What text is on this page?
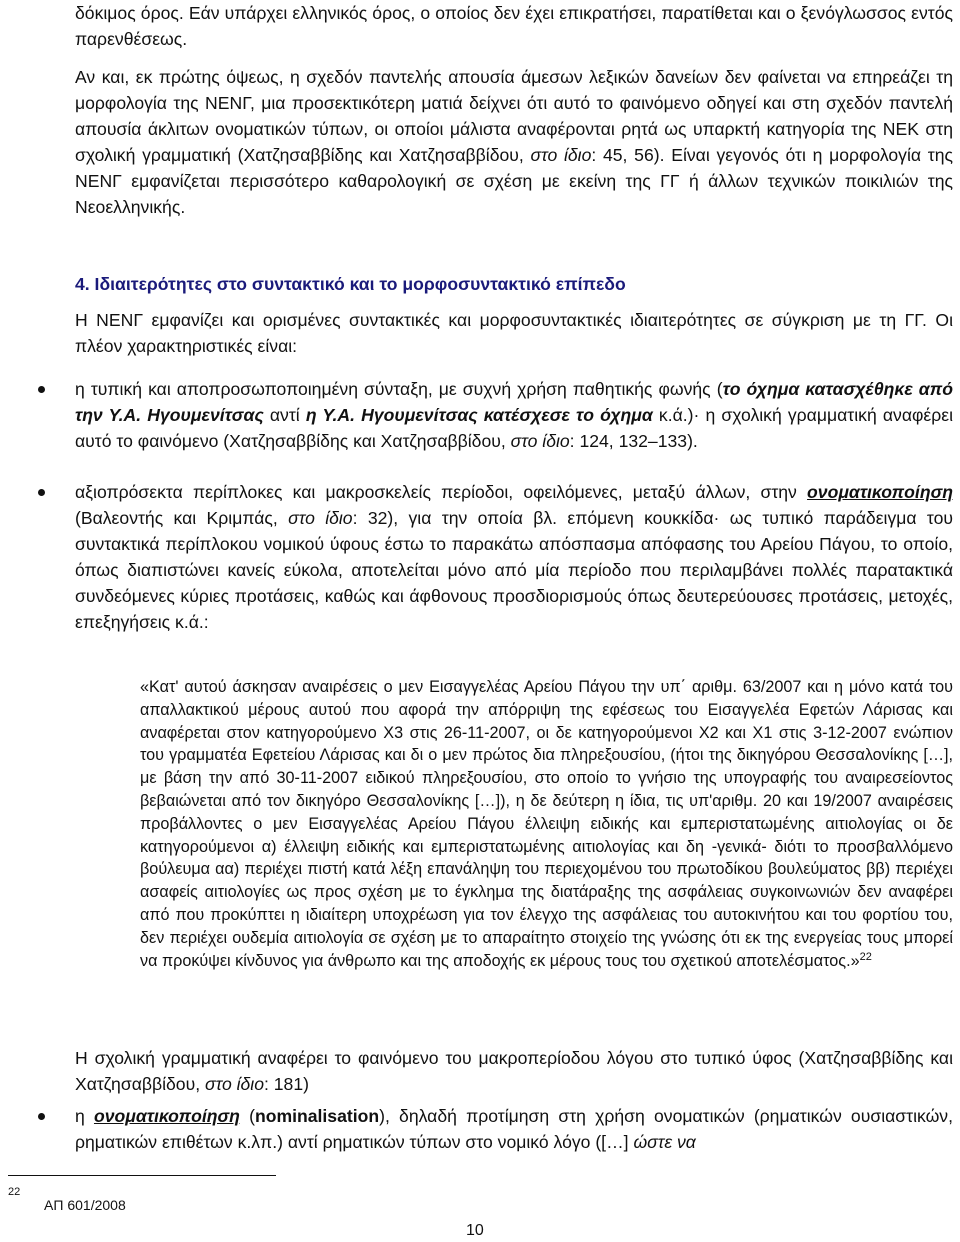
δόκιμος όρος. Εάν υπάρχει ελληνικός όρος, ο οποίος δεν έχει επικρατήσει, παρατίθεται και ο ξενόγλωσσος εντός παρενθέσεως.
Αν και, εκ πρώτης όψεως, η σχεδόν παντελής απουσία άμεσων λεξικών δανείων δεν φαίνεται να επηρεάζει τη μορφολογία της ΝΕΝΓ, μια προσεκτικότερη ματιά δείχνει ότι αυτό το φαινόμενο οδηγεί και στη σχεδόν παντελή απουσία άκλιτων ονοματικών τύπων, οι οποίοι μάλιστα αναφέρονται ρητά ως υπαρκτή κατηγορία της ΝΕΚ στη σχολική γραμματική (Χατζησαββίδης και Χατζησαββίδου, στο ίδιο: 45, 56). Είναι γεγονός ότι η μορφολογία της ΝΕΝΓ εμφανίζεται περισσότερο καθαρολογική σε σχέση με εκείνη της ΓΓ ή άλλων τεχνικών ποικιλιών της Νεοελληνικής.
4. Ιδιαιτερότητες στο συντακτικό και το μορφοσυντακτικό επίπεδο
Η ΝΕΝΓ εμφανίζει και ορισμένες συντακτικές και μορφοσυντακτικές ιδιαιτερότητες σε σύγκριση με τη ΓΓ. Οι πλέον χαρακτηριστικές είναι:
η τυπική και αποπροσωποποιημένη σύνταξη, με συχνή χρήση παθητικής φωνής (το όχημα κατασχέθηκε από την Υ.Α. Ηγουμενίτσας αντί η Υ.Α. Ηγουμενίτσας κατέσχεσε το όχημα κ.ά.)· η σχολική γραμματική αναφέρει αυτό το φαινόμενο (Χατζησαββίδης και Χατζησαββίδου, στο ίδιο: 124, 132–133).
αξιοπρόσεκτα περίπλοκες και μακροσκελείς περίοδοι, οφειλόμενες, μεταξύ άλλων, στην ονοματικοποίηση (Βαλεοντής και Κριμπάς, στο ίδιο: 32), για την οποία βλ. επόμενη κουκκίδα· ως τυπικό παράδειγμα του συντακτικά περίπλοκου νομικού ύφους έστω το παρακάτω απόσπασμα απόφασης του Αρείου Πάγου, το οποίο, όπως διαπιστώνει κανείς εύκολα, αποτελείται μόνο από μία περίοδο που περιλαμβάνει πολλές παρατακτικά συνδεόμενες κύριες προτάσεις, καθώς και άφθονους προσδιορισμούς όπως δευτερεύουσες προτάσεις, μετοχές, επεξηγήσεις κ.ά.:
«Κατ' αυτού άσκησαν αναιρέσεις ο μεν Εισαγγελέας Αρείου Πάγου την υπ΄ αριθμ. 63/2007 και η μόνο κατά του απαλλακτικού μέρους αυτού που αφορά την απόρριψη της εφέσεως του Εισαγγελέα Εφετών Λάρισας και αναφέρεται στον κατηγορούμενο Χ3 στις 26-11-2007, οι δε κατηγορούμενοι Χ2 και Χ1 στις 3-12-2007 ενώπιον του γραμματέα Εφετείου Λάρισας και δι ο μεν πρώτος δια πληρεξουσίου, (ήτοι της δικηγόρου Θεσσαλονίκης […], με βάση την από 30-11-2007 ειδικού πληρεξουσίου, στο οποίο το γνήσιο της υπογραφής του αναιρεσείοντος βεβαιώνεται από τον δικηγόρο Θεσσαλονίκης […]), η δε δεύτερη η ίδια, τις υπ'αριθμ. 20 και 19/2007 αναιρέσεις προβάλλοντες ο μεν Εισαγγελέας Αρείου Πάγου έλλειψη ειδικής και εμπεριστατωμένης αιτιολογίας οι δε κατηγορούμενοι α) έλλειψη ειδικής και εμπεριστατωμένης αιτιολογίας και δη -γενικά- διότι το προσβαλλόμενο βούλευμα αα) περιέχει πιστή κατά λέξη επανάληψη του περιεχομένου του πρωτοδίκου βουλεύματος ββ) περιέχει ασαφείς αιτιολογίες ως προς σχέση με το έγκλημα της διατάραξης της ασφάλειας συγκοινωνιών δεν αναφέρει από που προκύπτει η ιδιαίτερη υποχρέωση για τον έλεγχο της ασφάλειας του αυτοκινήτου και του φορτίου του, δεν περιέχει ουδεμία αιτιολογία σε σχέση με το απαραίτητο στοιχείο της γνώσης ότι εκ της ενεργείας τους μπορεί να προκύψει κίνδυνος για άνθρωπο και της αποδοχής εκ μέρους τους του σχετικού αποτελέσματος.»$^{22}$
Η σχολική γραμματική αναφέρει το φαινόμενο του μακροπερίοδου λόγου στο τυπικό ύφος (Χατζησαββίδης και Χατζησαββίδου, στο ίδιο: 181)
η ονοματικοποίηση (nominalisation), δηλαδή προτίμηση στη χρήση ονοματικών (ρηματικών ουσιαστικών, ρηματικών επιθέτων κ.λπ.) αντί ρηματικών τύπων στο νομικό λόγο ([…] ώστε να
22
ΑΠ 601/2008
10
